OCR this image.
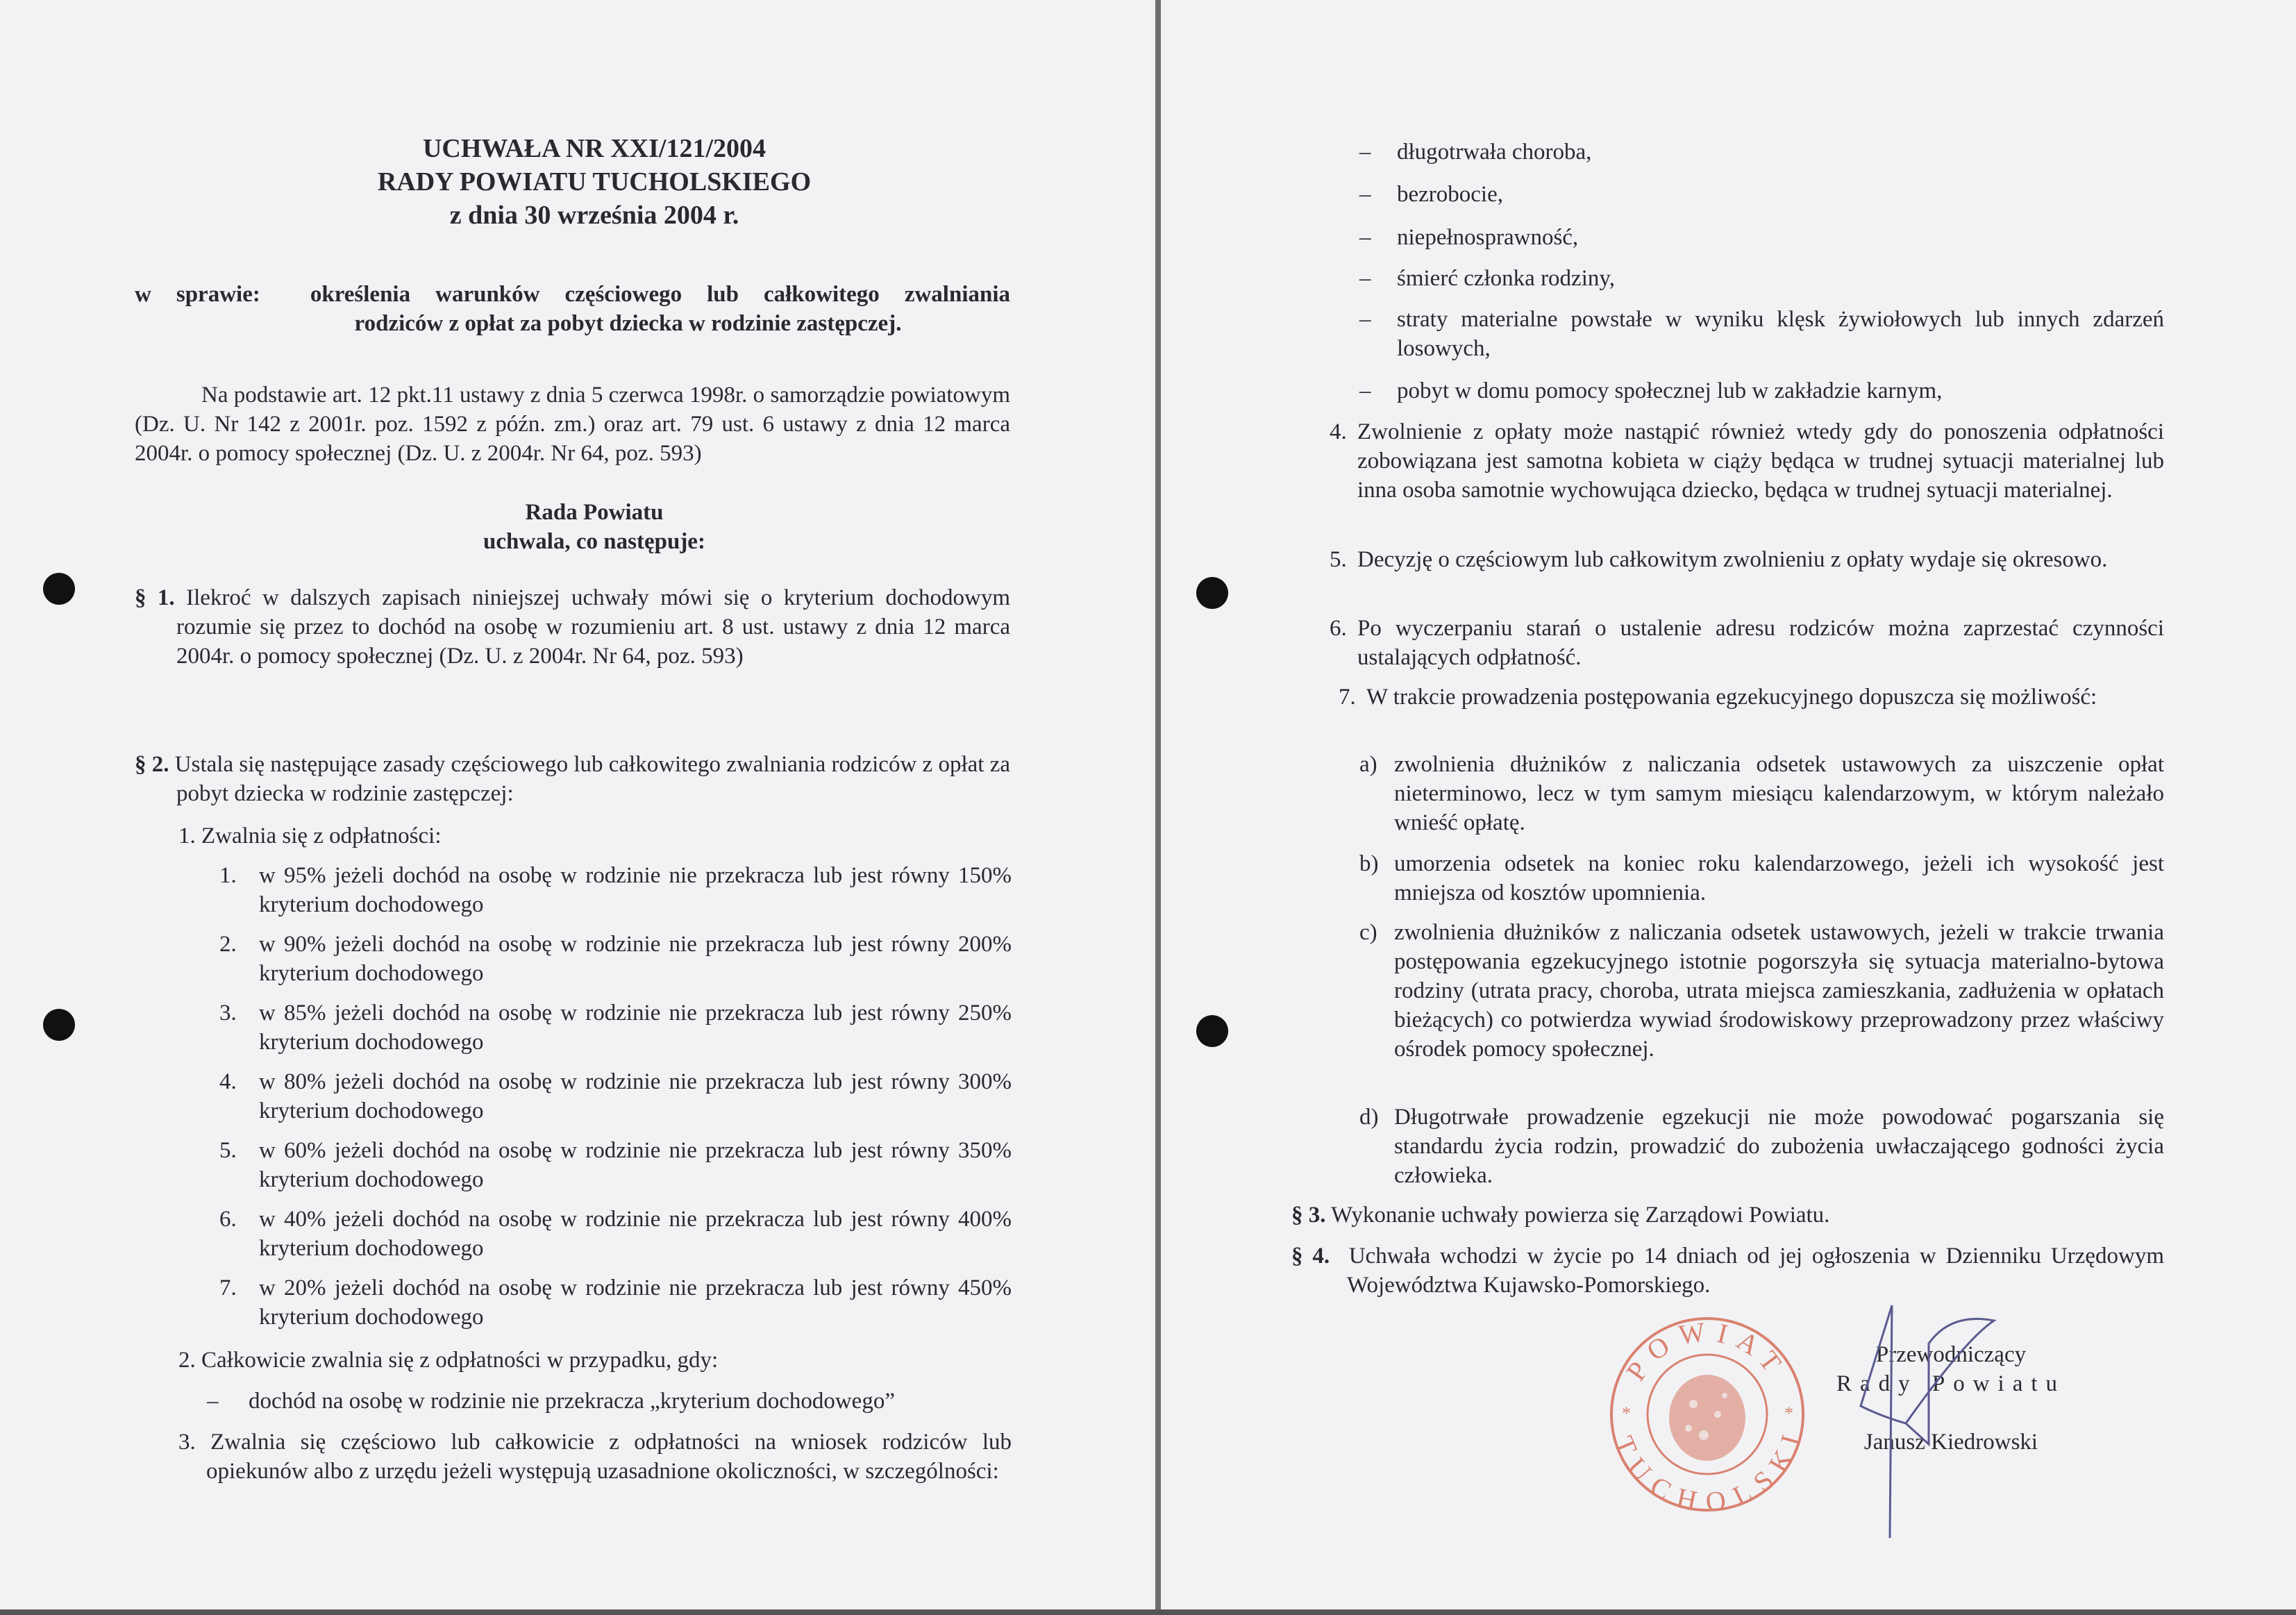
UCHWAŁA NR XXI/121/2004
RADY POWIATU TUCHOLSKIEGO
z dnia 30 września 2004 r.
w sprawie: określenia warunków częściowego lub całkowitego zwalniania
rodziców z opłat za pobyt dziecka w rodzinie zastępczej.
Na podstawie art. 12 pkt.11 ustawy z dnia 5 czerwca 1998r. o samorządzie powiatowym (Dz. U. Nr 142 z 2001r. poz. 1592 z późn. zm.) oraz art. 79 ust. 6 ustawy z dnia 12 marca 2004r. o pomocy społecznej (Dz. U. z 2004r. Nr 64, poz. 593)
Rada Powiatu
uchwala, co następuje:
§ 1. Ilekroć w dalszych zapisach niniejszej uchwały mówi się o kryterium dochodowym rozumie się przez to dochód na osobę w rozumieniu art. 8 ust. ustawy z dnia 12 marca 2004r. o pomocy społecznej (Dz. U. z 2004r. Nr 64, poz. 593)
§ 2. Ustala się następujące zasady częściowego lub całkowitego zwalniania rodziców z opłat za pobyt dziecka w rodzinie zastępczej:
1. Zwalnia się z odpłatności:
2. Całkowicie zwalnia się z odpłatności w przypadku, gdy:
– dochód na osobę w rodzinie nie przekracza „kryterium dochodowego”
3. Zwalnia się częściowo lub całkowicie z odpłatności na wniosek rodziców lub opiekunów albo z urzędu jeżeli występują uzasadnione okoliczności, w szczególności:
§ 3. Wykonanie uchwały powierza się Zarządowi Powiatu.
§ 4. Uchwała wchodzi w życie po 14 dniach od jej ogłoszenia w Dzienniku Urzędowym Województwa Kujawsko-Pomorskiego.
POWIAT
TUCHOLSKI
*	*
Przewodniczący
Rady Powiatu
Janusz Kiedrowski
1. w 95% jeżeli dochód na osobę w rodzinie nie przekracza lub jest równy 150% kryterium dochodowego
2. w 90% jeżeli dochód na osobę w rodzinie nie przekracza lub jest równy 200% kryterium dochodowego
3. w 85% jeżeli dochód na osobę w rodzinie nie przekracza lub jest równy 250% kryterium dochodowego
4. w 80% jeżeli dochód na osobę w rodzinie nie przekracza lub jest równy 300% kryterium dochodowego
5. w 60% jeżeli dochód na osobę w rodzinie nie przekracza lub jest równy 350% kryterium dochodowego
6. w 40% jeżeli dochód na osobę w rodzinie nie przekracza lub jest równy 400% kryterium dochodowego
7. w 20% jeżeli dochód na osobę w rodzinie nie przekracza lub jest równy 450% kryterium dochodowego
– długotrwała choroba,
– bezrobocie,
– niepełnosprawność,
– śmierć członka rodziny,
– straty materialne powstałe w wyniku klęsk żywiołowych lub innych zdarzeń losowych,
– pobyt w domu pomocy społecznej lub w zakładzie karnym,
4. Zwolnienie z opłaty może nastąpić również wtedy gdy do ponoszenia odpłatności zobowiązana jest samotna kobieta w ciąży będąca w trudnej sytuacji materialnej lub inna osoba samotnie wychowująca dziecko, będąca w trudnej sytuacji materialnej.
5. Decyzję o częściowym lub całkowitym zwolnieniu z opłaty wydaje się okresowo.
6. Po wyczerpaniu starań o ustalenie adresu rodziców można zaprzestać czynności ustalających odpłatność.
7. W trakcie prowadzenia postępowania egzekucyjnego dopuszcza się możliwość:
a) zwolnienia dłużników z naliczania odsetek ustawowych za uiszczenie opłat nieterminowo, lecz w tym samym miesiącu kalendarzowym, w którym należało wnieść opłatę.
b) umorzenia odsetek na koniec roku kalendarzowego, jeżeli ich wysokość jest mniejsza od kosztów upomnienia.
c) zwolnienia dłużników z naliczania odsetek ustawowych, jeżeli w trakcie trwania postępowania egzekucyjnego istotnie pogorszyła się sytuacja materialno-bytowa rodziny (utrata pracy, choroba, utrata miejsca zamieszkania, zadłużenia w opłatach bieżących) co potwierdza wywiad środowiskowy przeprowadzony przez właściwy ośrodek pomocy społecznej.
d) Długotrwałe prowadzenie egzekucji nie może powodować pogarszania się standardu życia rodzin, prowadzić do zubożenia uwłaczającego godności życia człowieka.
